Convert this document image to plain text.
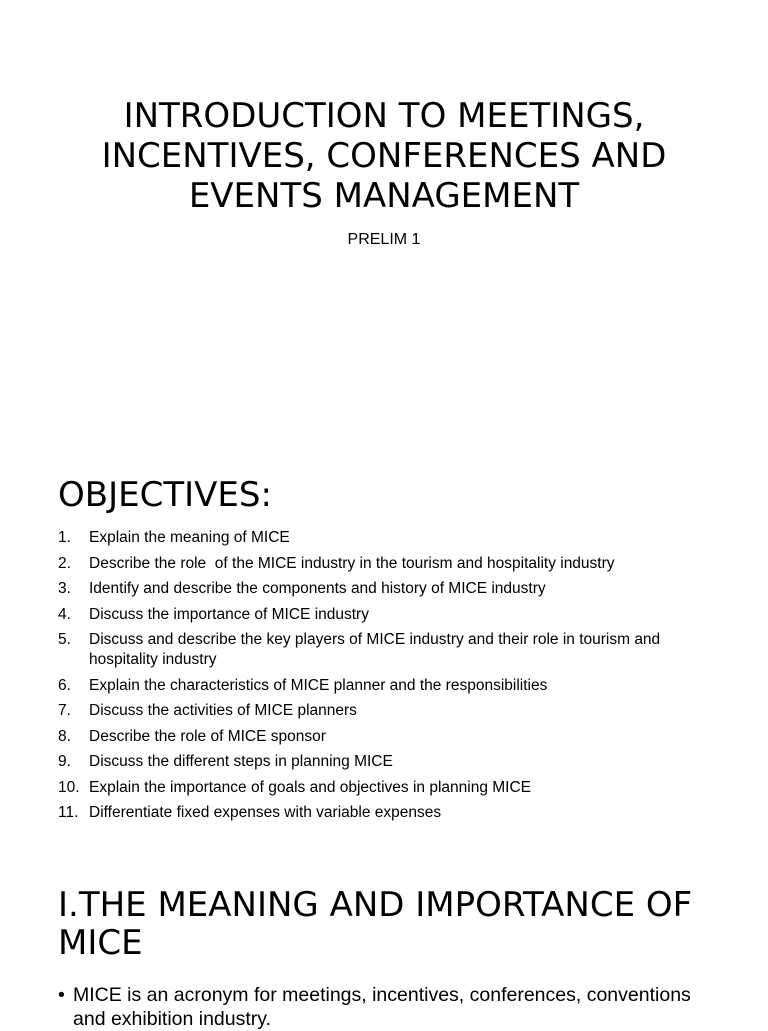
INTRODUCTION TO MEETINGS, INCENTIVES, CONFERENCES AND EVENTS MANAGEMENT

PRELIM 1

OBJECTIVES:
1.	Explain the meaning of MICE
2.	Describe the role  of the MICE industry in the tourism and hospitality industry
3.	Identify and describe the components and history of MICE industry
4.	Discuss the importance of MICE industry
5.	Discuss and describe the key players of MICE industry and their role in tourism and hospitality industry
6.	Explain the characteristics of MICE planner and the responsibilities
7.	Discuss the activities of MICE planners
8.	Describe the role of MICE sponsor
9.	Discuss the different steps in planning MICE
10. Explain the importance of goals and objectives in planning MICE
11. Differentiate fixed expenses with variable expenses
I.THE MEANING AND IMPORTANCE OF MICE
• MICE is an acronym for meetings, incentives, conferences, conventions and exhibition industry.
